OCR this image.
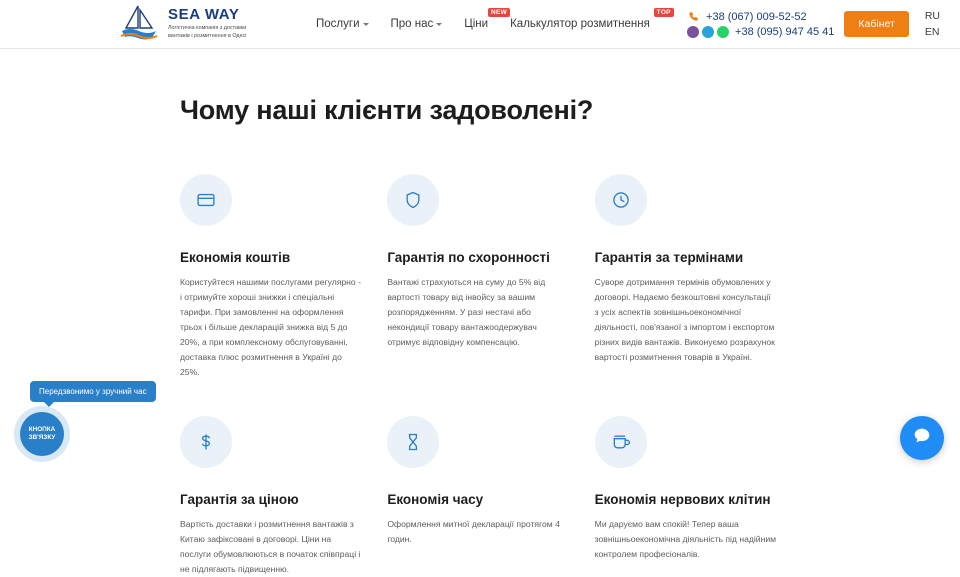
SEA WAY
Логістична компанія з доставки вантажів і розмитнення в Одесі
Послуги	Про нас	Ціни
NEW
Калькулятор розмитнення
TOP	+38 (067) 009-52-52
+38 (095) 947 45 41
Кабінет
RU
EN
Чому наші клієнти задоволені?
Економія коштів

Користуйтеся нашими послугами регулярно - і отримуйте хороші знижки і спеціальні тарифи. При замовленні на оформлення трьох і більше декларацій знижка від 5 до 20%, а при комплексному обслуговуванні, доставка плюс розмитнення в Україні до 25%.

Гарантія по схоронності

Вантажі страхуються на суму до 5% від вартості товару від інвойсу за вашим розпорядженням. У разі нестачі або некондиції товару вантажоодержувач отримує відповідну компенсацію.

Гарантія за термінами

Суворе дотримання термінів обумовлених у договорі. Надаємо безкоштовні консультації з усіх аспектів зовнішньоекономічної діяльності, пов'язаної з імпортом і експортом різних видів вантажів. Виконуємо розрахунок вартості розмитнення товарів в Україні.

Гарантія за ціною

Вартість доставки і розмитнення вантажів з Китаю зафіксовані в договорі. Ціни на послуги обумовлюються в початок співпраці і не підлягають підвищенню.

Економія часу

Оформлення митної декларації протягом 4 годин.

Економія нервових клітин

Ми даруємо вам спокій! Тепер ваша зовнішньоекономічна діяльність під надійним контролем професіоналів.

Передзвонимо у зручний час
КНОПКА ЗВ'ЯЗКУ
